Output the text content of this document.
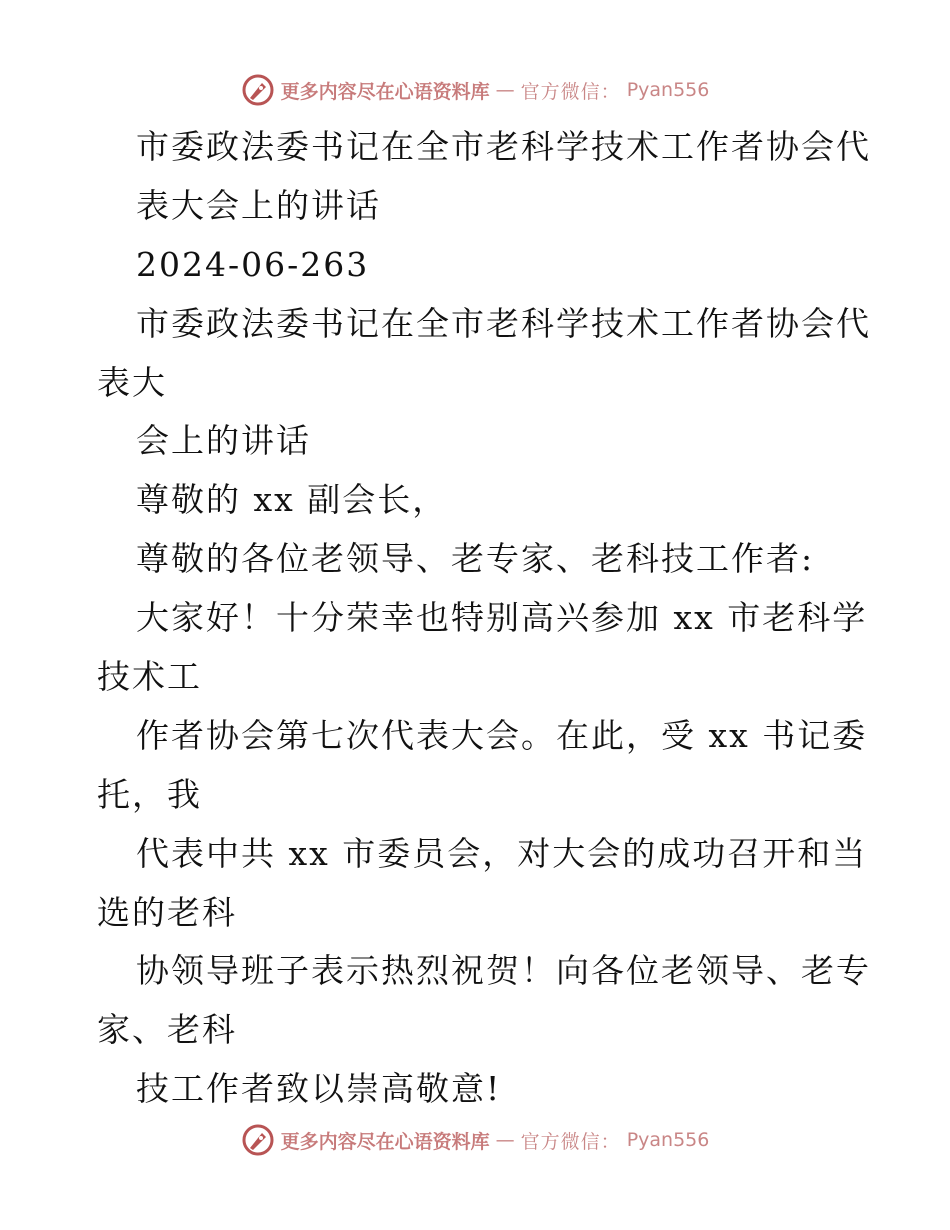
更多内容尽在心语资料库 — 官方微信： Pyan556
市委政法委书记在全市老科学技术工作者协会代
表大会上的讲话
2024-06-263
市委政法委书记在全市老科学技术工作者协会代
表大
会上的讲话
尊敬的 xx 副会长，
尊敬的各位老领导、老专家、老科技工作者:
大家好！十分荣幸也特别高兴参加 xx 市老科学
技术工
作者协会第七次代表大会。在此，受 xx 书记委
托，我
代表中共 xx 市委员会，对大会的成功召开和当
选的老科
协领导班子表示热烈祝贺！向各位老领导、老专
家、老科
技工作者致以崇高敬意!
更多内容尽在心语资料库 — 官方微信： Pyan556
